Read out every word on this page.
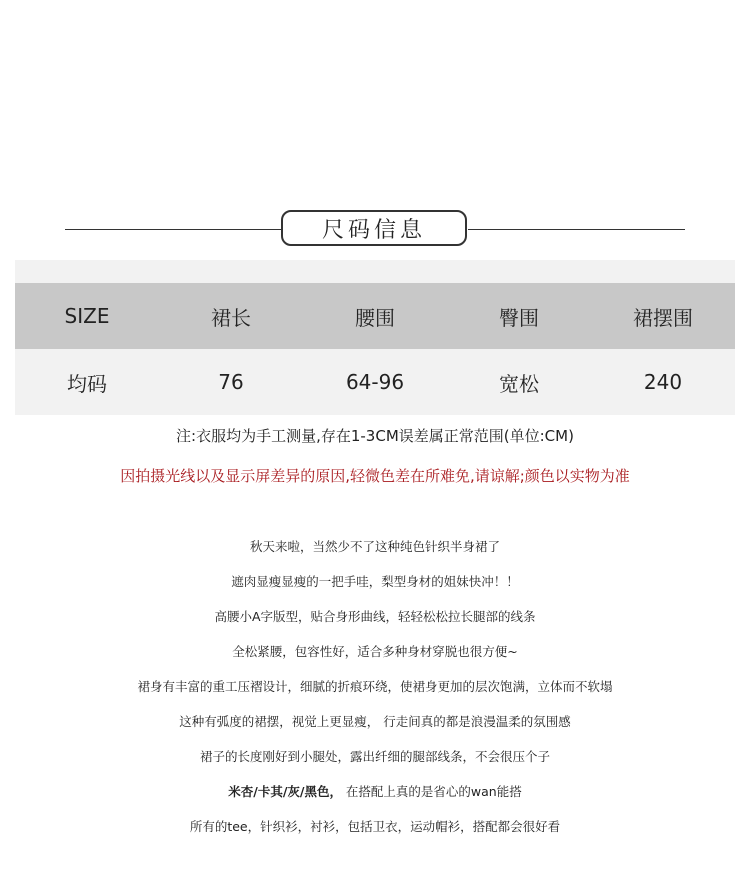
尺码信息
SIZE	裙长	腰围	臀围	裙摆围
均码	76	64-96	宽松	240
注:衣服均为手工测量,存在1-3CM误差属正常范围(单位:CM)
因拍摄光线以及显示屏差异的原因,轻微色差在所难免,请谅解;颜色以实物为准
秋天来啦，当然少不了这种纯色针织半身裙了
遮肉显瘦显瘦的一把手哇，梨型身材的姐妹快冲！！
高腰小A字版型，贴合身形曲线，轻轻松松拉长腿部的线条
全松紧腰，包容性好，适合多种身材穿脱也很方便~
裙身有丰富的重工压褶设计，细腻的折痕环绕，使裙身更加的层次饱满，立体而不软塌
这种有弧度的裙摆，视觉上更显瘦， 行走间真的都是浪漫温柔的氛围感
裙子的长度刚好到小腿处，露出纤细的腿部线条，不会很压个子
米杏/卡其/灰/黑色， 在搭配上真的是省心的wan能搭
所有的tee，针织衫，衬衫，包括卫衣，运动帽衫，搭配都会很好看
